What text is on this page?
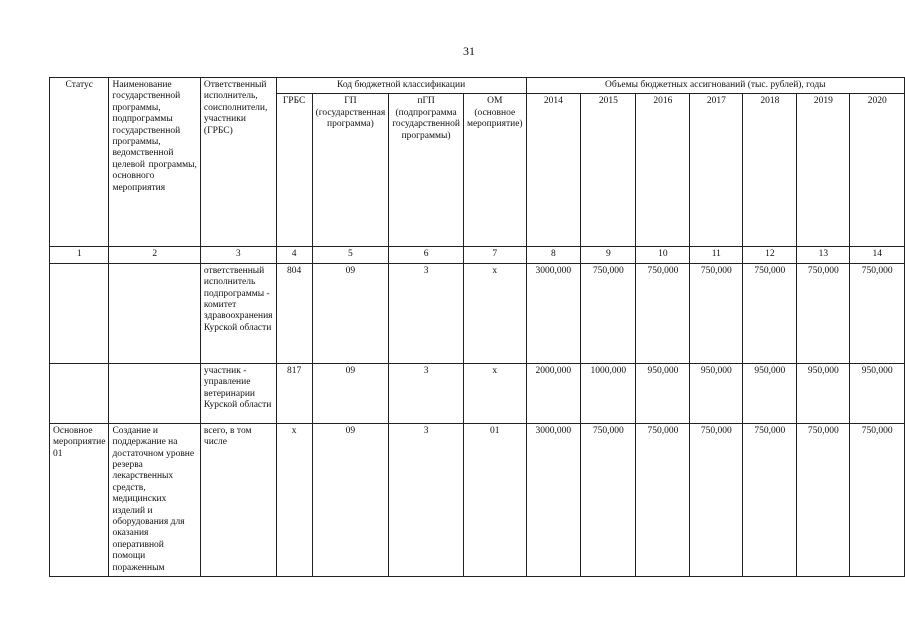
31
Статус	Наименование государственной программы, подпрограммы государственной программы, ведомственной целевой программы, основного мероприятия	Ответственный исполнитель, соисполнители, участники (ГРБС)	Код бюджетной классификации				Объемы бюджетных ассигнований (тыс. рублей), годы						
			ГРБС	ГП (государственная программа)	пГП (подпрограмма государственной программы)	ОМ (основное мероприятие)	2014	2015	2016	2017	2018	2019	2020
1	2	3	4	5	6	7	8	9	10	11	12	13	14
		ответственный исполнитель подпрограммы - комитет здравоохранения Курской области	804	09	3	х	3000,000	750,000	750,000	750,000	750,000	750,000	750,000
		участник - управление ветеринарии Курской области	817	09	3	х	2000,000	1000,000	950,000	950,000	950,000	950,000	950,000
Основное мероприятие 01	Создание и поддержание на достаточном уровне резерва лекарственных средств, медицинских изделий и оборудования для оказания оперативной помощи пораженным	всего, в том числе	х	09	3	01	3000,000	750,000	750,000	750,000	750,000	750,000	750,000
